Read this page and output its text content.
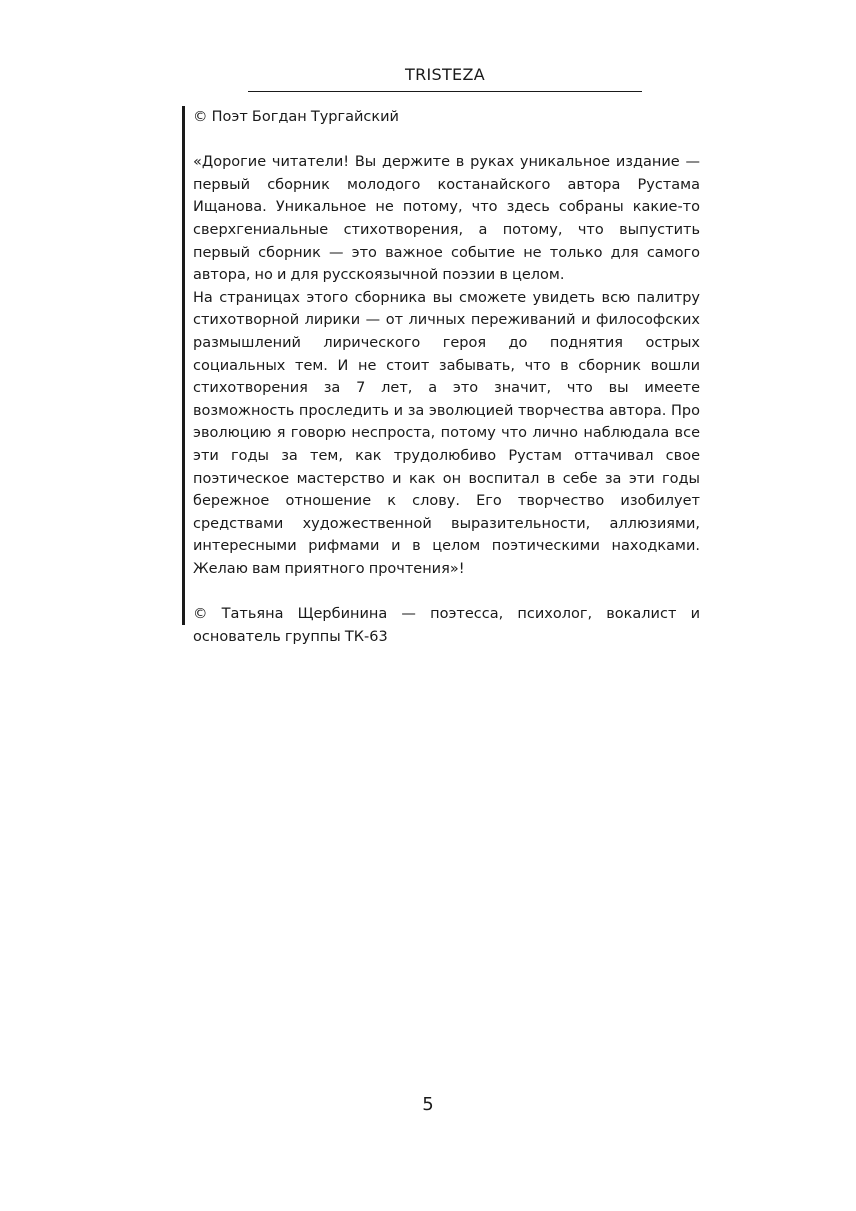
TRISTEZA

© Поэт Богдан Тургайский

«Дорогие читатели! Вы держите в руках уникальное издание — первый сборник молодого костанайского автора Рустама Ищанова. Уникальное не потому, что здесь собраны какие-то сверхгениальные стихотворения, а потому, что выпустить первый сборник — это важное событие не только для самого автора, но и для русскоязычной поэзии в целом.

На страницах этого сборника вы сможете увидеть всю палитру стихотворной лирики — от личных переживаний и философских размышлений лирического героя до поднятия острых социальных тем. И не стоит забывать, что в сборник вошли стихотворения за 7 лет, а это значит, что вы имеете возможность проследить и за эволюцией творчества автора. Про эволюцию я говорю неспроста, потому что лично наблюдала все эти годы за тем, как трудолюбиво Рустам оттачивал свое поэтическое мастерство и как он воспитал в себе за эти годы бережное отношение к слову. Его творчество изобилует средствами художественной выразительности, аллюзиями, интересными рифмами и в целом поэтическими находками. Желаю вам приятного прочтения»!

© Татьяна Щербинина — поэтесса, психолог, вокалист и основатель группы ТК-63

5
